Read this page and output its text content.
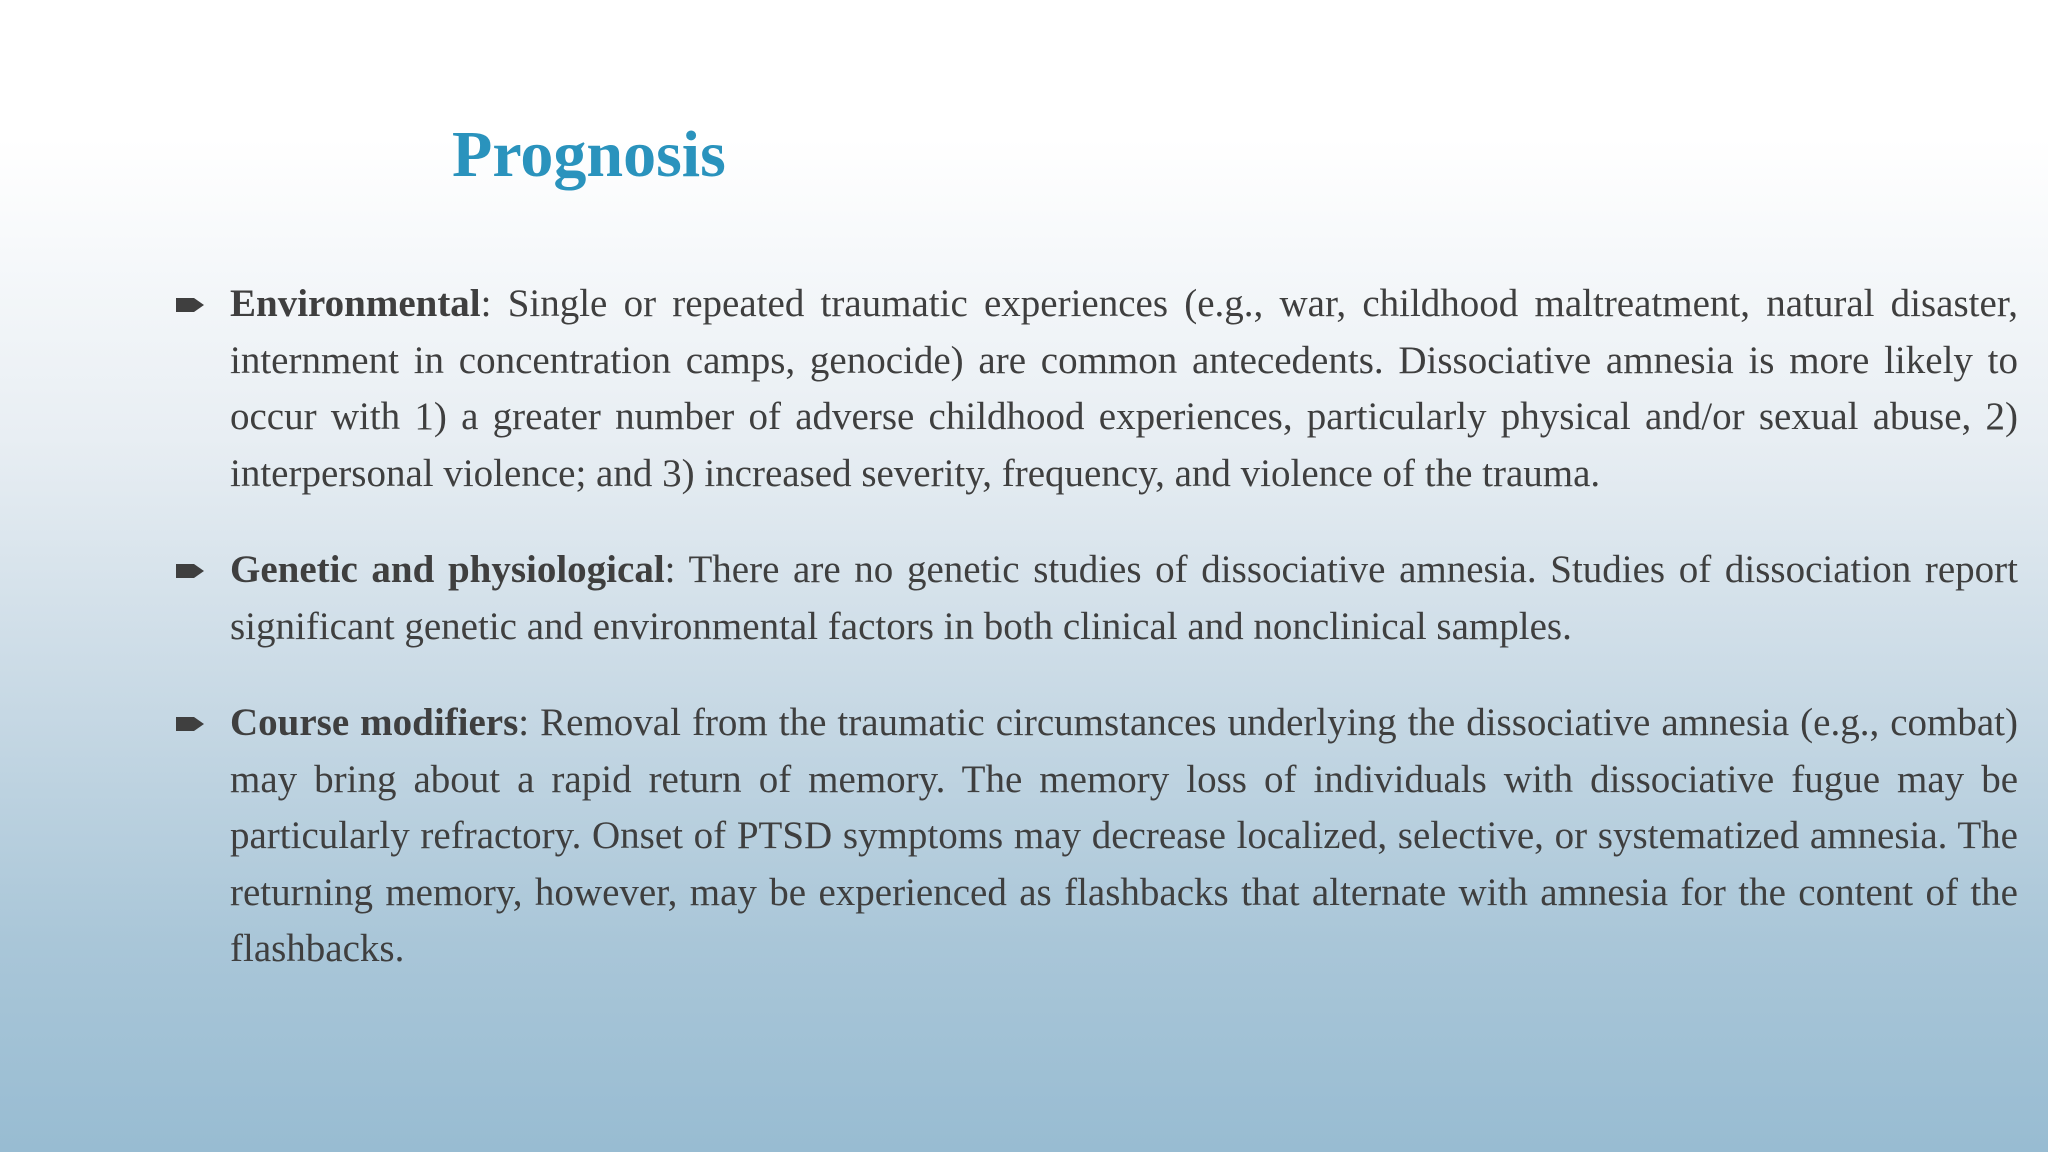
Prognosis
Environmental: Single or repeated traumatic experiences (e.g., war, childhood maltreatment, natural disaster, internment in concentration camps, genocide) are common antecedents. Dissociative amnesia is more likely to occur with 1) a greater number of adverse childhood experiences, particularly physical and/or sexual abuse, 2) interpersonal violence; and 3) increased severity, frequency, and violence of the trauma.
Genetic and physiological: There are no genetic studies of dissociative amnesia. Studies of dissociation report significant genetic and environmental factors in both clinical and nonclinical samples.
Course modifiers: Removal from the traumatic circumstances underlying the dissociative amnesia (e.g., combat) may bring about a rapid return of memory. The memory loss of individuals with dissociative fugue may be particularly refractory. Onset of PTSD symptoms may decrease localized, selective, or systematized amnesia. The returning memory, however, may be experienced as flashbacks that alternate with amnesia for the content of the flashbacks.
